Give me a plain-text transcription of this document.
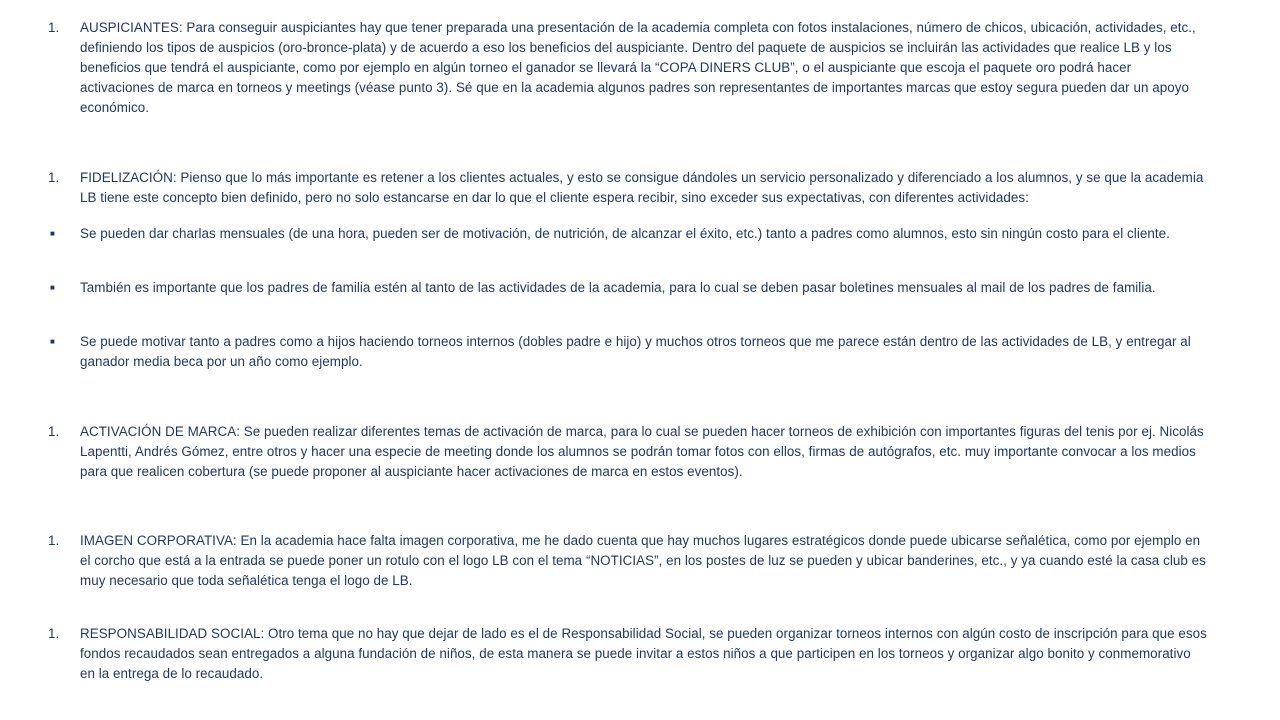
1.	AUSPICIANTES: Para conseguir auspiciantes hay que tener preparada una presentación de la academia completa con fotos instalaciones, número de chicos, ubicación, actividades, etc., definiendo los tipos de auspicios (oro-bronce-plata) y de acuerdo a eso los beneficios del auspiciante. Dentro del paquete de auspicios se incluirán las actividades que realice LB y los beneficios que tendrá el auspiciante, como por ejemplo en algún torneo el ganador se llevará la “COPA DINERS CLUB”, o el auspiciante que escoja el paquete oro podrá hacer activaciones de marca en torneos y meetings (véase punto 3). Sé que en la academia algunos padres son representantes de importantes marcas que estoy segura pueden dar un apoyo económico.
1.	FIDELIZACIÓN: Pienso que lo más importante es retener a los clientes actuales, y esto se consigue dándoles un servicio personalizado y diferenciado a los alumnos, y se que la academia LB tiene este concepto bien definido, pero no solo estancarse en dar lo que el cliente espera recibir, sino exceder sus expectativas, con diferentes actividades:
■	Se pueden dar charlas mensuales (de una hora, pueden ser de motivación, de nutrición, de alcanzar el éxito, etc.) tanto a padres como alumnos, esto sin ningún costo para el cliente.
■	También es importante que los padres de familia estén al tanto de las actividades de la academia, para lo cual se deben pasar boletines mensuales al mail de los padres de familia.
■	Se puede motivar tanto a padres como a hijos haciendo torneos internos (dobles padre e hijo) y muchos otros torneos que me parece están dentro de las actividades de LB, y entregar al ganador media beca por un año como ejemplo.
1.	ACTIVACIÓN DE MARCA: Se pueden realizar diferentes temas de activación de marca, para lo cual se pueden hacer torneos de exhibición con importantes figuras del tenis por ej. Nicolás Lapentti, Andrés Gómez, entre otros y hacer una especie de meeting donde los alumnos se podrán tomar fotos con ellos, firmas de autógrafos, etc. muy importante convocar a los medios para que realicen cobertura (se puede proponer al auspiciante hacer activaciones de marca en estos eventos).
1.	IMAGEN CORPORATIVA: En la academia hace falta imagen corporativa, me he dado cuenta que hay muchos lugares estratégicos donde puede ubicarse señalética, como por ejemplo en el corcho que está a la entrada se puede poner un rotulo con el logo LB con el tema “NOTICIAS”, en los postes de luz se pueden y ubicar banderines, etc., y ya cuando esté la casa club es muy necesario que toda señalética tenga el logo de LB.
1.	RESPONSABILIDAD SOCIAL: Otro tema que no hay que dejar de lado es el de Responsabilidad Social, se pueden organizar torneos internos con algún costo de inscripción para que esos fondos recaudados sean entregados a alguna fundación de niños, de esta manera se puede invitar a estos niños a que participen en los torneos y organizar algo bonito y conmemorativo en la entrega de lo recaudado.
